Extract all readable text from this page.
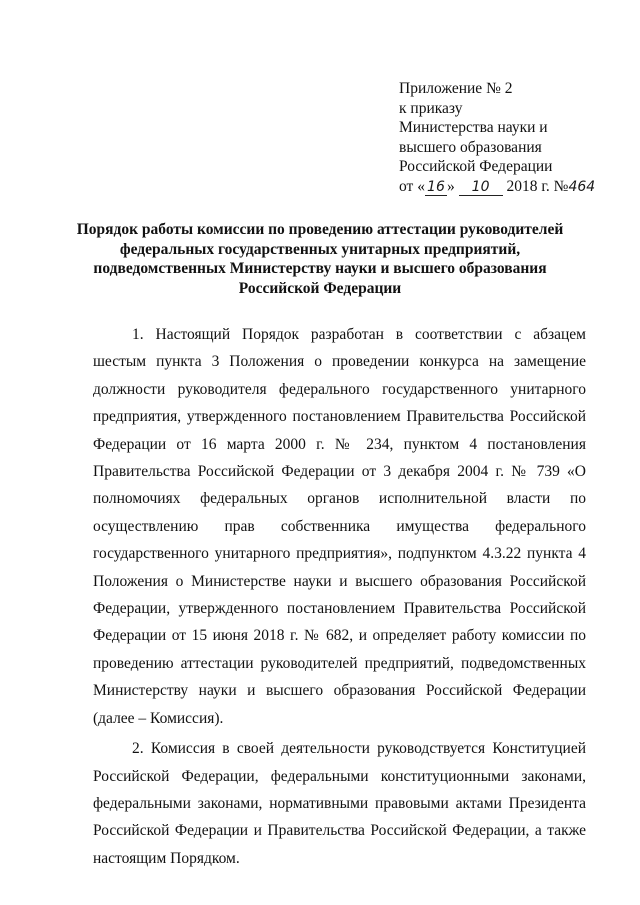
Приложение № 2
к приказу
Министерства науки и
высшего образования
Российской Федерации
от « 16 » 10 2018 г. №464
Порядок работы комиссии по проведению аттестации руководителей
федеральных государственных унитарных предприятий,
подведомственных Министерству науки и высшего образования
Российской Федерации

1. Настоящий Порядок разработан в соответствии с абзацем шестым пункта 3 Положения о проведении конкурса на замещение должности руководителя федерального государственного унитарного предприятия, утвержденного постановлением Правительства Российской Федерации от 16 марта 2000 г. № 234, пунктом 4 постановления Правительства Российской Федерации от 3 декабря 2004 г. № 739 «О полномочиях федеральных органов исполнительной власти по осуществлению прав собственника имущества федерального государственного унитарного предприятия», подпунктом 4.3.22 пункта 4 Положения о Министерстве науки и высшего образования Российской Федерации, утвержденного постановлением Правительства Российской Федерации от 15 июня 2018 г. № 682, и определяет работу комиссии по проведению аттестации руководителей предприятий, подведомственных Министерству науки и высшего образования Российской Федерации (далее – Комиссия).

2. Комиссия в своей деятельности руководствуется Конституцией Российской Федерации, федеральными конституционными законами, федеральными законами, нормативными правовыми актами Президента Российской Федерации и Правительства Российской Федерации, а также настоящим Порядком.
